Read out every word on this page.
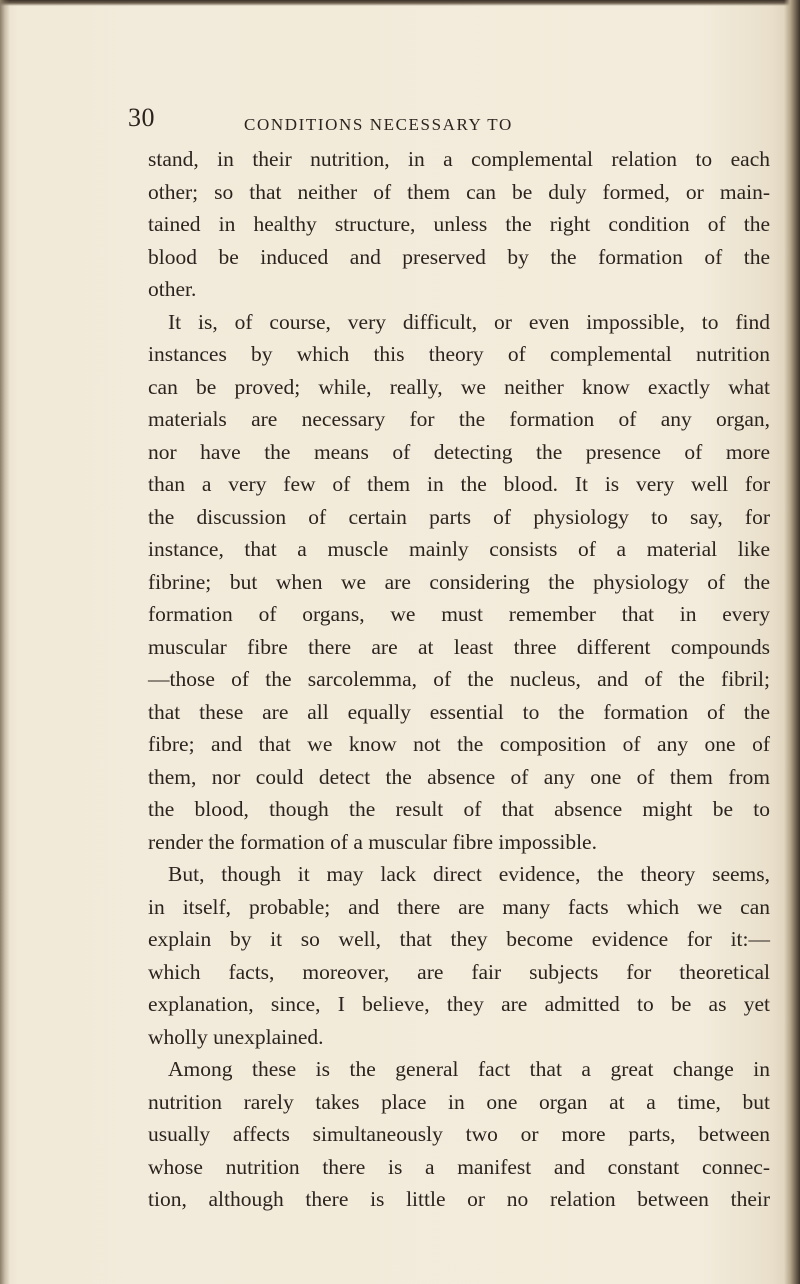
30	CONDITIONS NECESSARY TO
stand, in their nutrition, in a complemental relation to each
other; so that neither of them can be duly formed, or main-
tained in healthy structure, unless the right condition of the
blood be induced and preserved by the formation of the
other.
It is, of course, very difficult, or even impossible, to find
instances by which this theory of complemental nutrition
can be proved; while, really, we neither know exactly what
materials are necessary for the formation of any organ,
nor have the means of detecting the presence of more
than a very few of them in the blood. It is very well for
the discussion of certain parts of physiology to say, for
instance, that a muscle mainly consists of a material like
fibrine; but when we are considering the physiology of the
formation of organs, we must remember that in every
muscular fibre there are at least three different compounds
—those of the sarcolemma, of the nucleus, and of the fibril;
that these are all equally essential to the formation of the
fibre; and that we know not the composition of any one of
them, nor could detect the absence of any one of them from
the blood, though the result of that absence might be to
render the formation of a muscular fibre impossible.
But, though it may lack direct evidence, the theory seems,
in itself, probable; and there are many facts which we can
explain by it so well, that they become evidence for it:—
which facts, moreover, are fair subjects for theoretical
explanation, since, I believe, they are admitted to be as yet
wholly unexplained.
Among these is the general fact that a great change in
nutrition rarely takes place in one organ at a time, but
usually affects simultaneously two or more parts, between
whose nutrition there is a manifest and constant connec-
tion, although there is little or no relation between their
